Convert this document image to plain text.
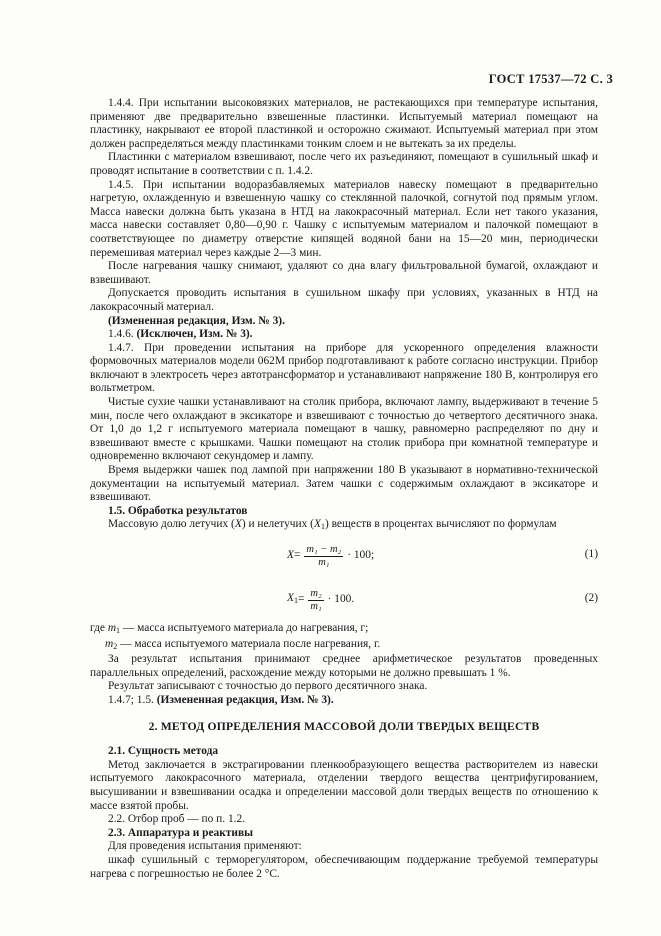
ГОСТ 17537—72 С. 3

1.4.4. При испытании высоковязких материалов, не растекающихся при температуре испытания, применяют две предварительно взвешенные пластинки. Испытуемый материал помещают на пластинку, накрывают ее второй пластинкой и осторожно сжимают. Испытуемый материал при этом должен распределяться между пластинками тонким слоем и не вытекать за их пределы.

Пластинки с материалом взвешивают, после чего их разъединяют, помещают в сушильный шкаф и проводят испытание в соответствии с п. 1.4.2.

1.4.5. При испытании водоразбавляемых материалов навеску помещают в предварительно нагретую, охлажденную и взвешенную чашку со стеклянной палочкой, согнутой под прямым углом. Масса навески должна быть указана в НТД на лакокрасочный материал. Если нет такого указания, масса навески составляет 0,80—0,90 г. Чашку с испытуемым материалом и палочкой помещают в соответствующее по диаметру отверстие кипящей водяной бани на 15—20 мин, периодически перемешивая материал через каждые 2—3 мин.

После нагревания чашку снимают, удаляют со дна влагу фильтровальной бумагой, охлаждают и взвешивают.

Допускается проводить испытания в сушильном шкафу при условиях, указанных в НТД на лакокрасочный материал.

(Измененная редакция, Изм. № 3).

1.4.6. (Исключен, Изм. № 3).

1.4.7. При проведении испытания на приборе для ускоренного определения влажности формовочных материалов модели 062М прибор подготавливают к работе согласно инструкции. Прибор включают в электросеть через автотрансформатор и устанавливают напряжение 180 В, контролируя его вольтметром.

Чистые сухие чашки устанавливают на столик прибора, включают лампу, выдерживают в течение 5 мин, после чего охлаждают в эксикаторе и взвешивают с точностью до четвертого десятичного знака. От 1,0 до 1,2 г испытуемого материала помещают в чашку, равномерно распределяют по дну и взвешивают вместе с крышками. Чашки помещают на столик прибора при комнатной температуре и одновременно включают секундомер и лампу.

Время выдержки чашек под лампой при напряжении 180 В указывают в нормативно-технической документации на испытуемый материал. Затем чашки с содержимым охлаждают в эксикаторе и взвешивают.

1.5. Обработка результатов

Массовую долю летучих (X) и нелетучих $(X_1)$ веществ в процентах вычисляют по формулам

$X = \frac{\text{m₁ − m₂}}{\text{m₁}} \cdot 100$;	(1)
$X_1 = \frac{\text{m₂}}{\text{m₁}} \cdot 100$.	(2)

где $m_1$ — масса испытуемого материала до нагревания, г;

$m_2$ — масса испытуемого материала после нагревания, г.

За результат испытания принимают среднее арифметическое результатов проведенных параллельных определений, расхождение между которыми не должно превышать 1 %.

Результат записывают с точностью до первого десятичного знака.

1.4.7; 1.5. (Измененная редакция, Изм. № 3).

2. МЕТОД ОПРЕДЕЛЕНИЯ МАССОВОЙ ДОЛИ ТВЕРДЫХ ВЕЩЕСТВ

2.1. Сущность метода

Метод заключается в экстрагировании пленкообразующего вещества растворителем из навески испытуемого лакокрасочного материала, отделении твердого вещества центрифугированием, высушивании и взвешивании осадка и определении массовой доли твердых веществ по отношению к массе взятой пробы.

2.2. Отбор проб — по п. 1.2.

2.3. Аппаратура и реактивы

Для проведения испытания применяют:

шкаф сушильный с терморегулятором, обеспечивающим поддержание требуемой температуры нагрева с погрешностью не более 2 °С.
